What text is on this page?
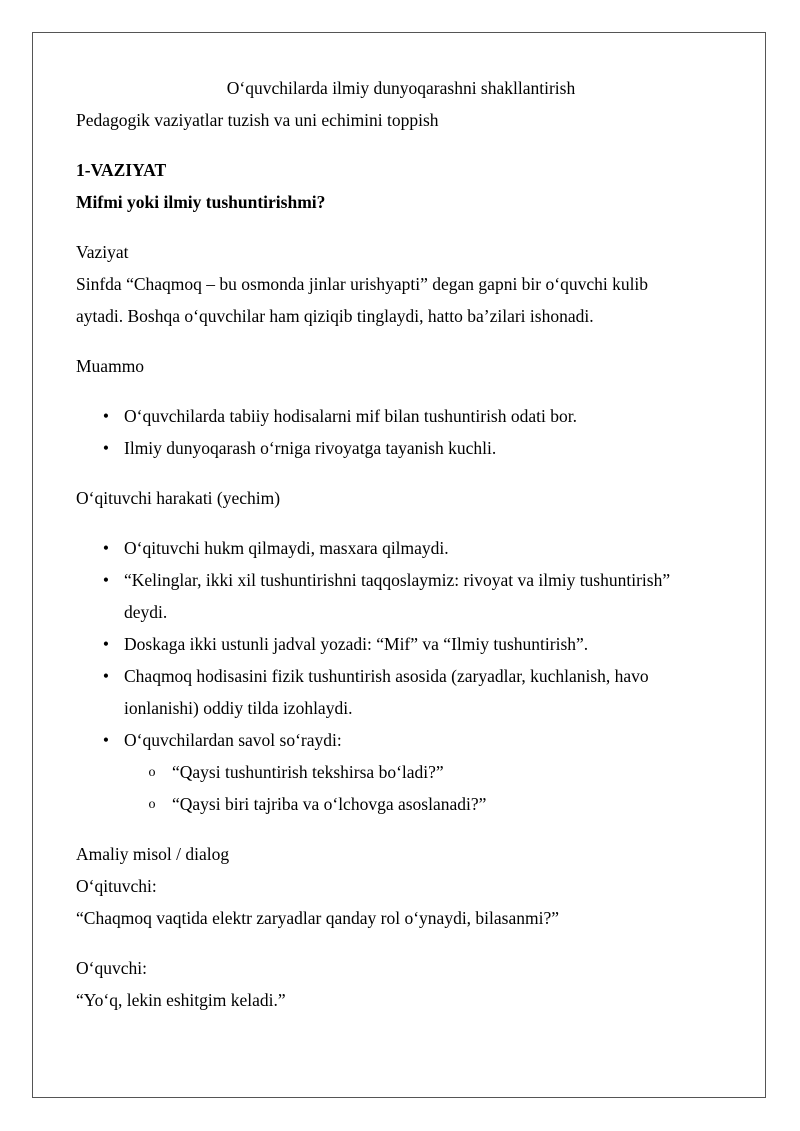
O‘quvchilarda ilmiy dunyoqarashni shakllantirish
Pedagogik vaziyatlar tuzish va uni echimini toppish
1-VAZIYAT
Mifmi yoki ilmiy tushuntirishmi?
Vaziyat
Sinfda “Chaqmoq – bu osmonda jinlar urishyapti” degan gapni bir o‘quvchi kulib
aytadi. Boshqa o‘quvchilar ham qiziqib tinglaydi, hatto ba’zilari ishonadi.
Muammo
• O‘quvchilarda tabiiy hodisalarni mif bilan tushuntirish odati bor.
• Ilmiy dunyoqarash o‘rniga rivoyatga tayanish kuchli.
O‘qituvchi harakati (yechim)
• O‘qituvchi hukm qilmaydi, masxara qilmaydi.
• “Kelinglar, ikki xil tushuntirishni taqqoslaymiz: rivoyat va ilmiy tushuntirish”
deydi.
• Doskaga ikki ustunli jadval yozadi: “Mif” va “Ilmiy tushuntirish”.
• Chaqmoq hodisasini fizik tushuntirish asosida (zaryadlar, kuchlanish, havo
ionlanishi) oddiy tilda izohlaydi.
• O‘quvchilardan savol so‘raydi:
o “Qaysi tushuntirish tekshirsa bo‘ladi?”
o “Qaysi biri tajriba va o‘lchovga asoslanadi?”
Amaliy misol / dialog
O‘qituvchi:
“Chaqmoq vaqtida elektr zaryadlar qanday rol o‘ynaydi, bilasanmi?”
O‘quvchi:
“Yo‘q, lekin eshitgim keladi.”
